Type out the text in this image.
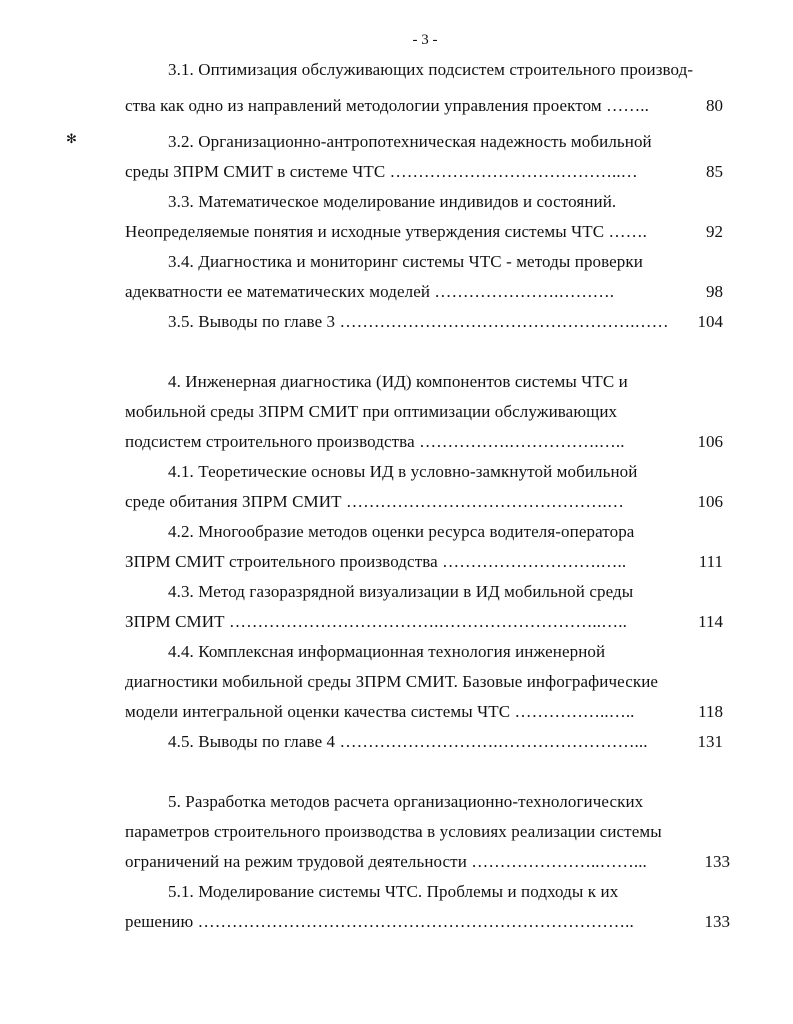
- 3 -
✻
3.1. Оптимизация обслуживающих подсистем строительного производ-
ства как одно из направлений методологии управления проектом ……..	80
3.2. Организационно-антропотехническая надежность мобильной
среды ЗПРМ СМИТ в системе ЧТС …………………………………..…	85
3.3. Математическое моделирование индивидов и состояний.
Неопределяемые понятия и исходные утверждения системы ЧТС …….	92
3.4. Диагностика и мониторинг системы ЧТС - методы проверки
адекватности ее математических моделей ………………….……….	98
3.5. Выводы по главе 3 …………………………………………….……	104
4. Инженерная диагностика (ИД) компонентов системы ЧТС и
мобильной среды ЗПРМ СМИТ при оптимизации обслуживающих
подсистем строительного производства …………….…………….…..	106
4.1. Теоретические основы ИД в условно-замкнутой мобильной
среде обитания ЗПРМ СМИТ ……………………………………….…	106
4.2. Многообразие методов оценки ресурса водителя-оператора
ЗПРМ СМИТ строительного производства ……………………….…..	111
4.3. Метод газоразрядной визуализации в ИД мобильной среды
ЗПРМ СМИТ ……………………………….………………………..…..	114
4.4. Комплексная информационная технология инженерной
диагностики мобильной среды ЗПРМ СМИТ. Базовые инфографические
модели интегральной оценки качества системы ЧТС ……………..…..	118
4.5. Выводы по главе 4 ……………………….……………………...	131
5. Разработка методов расчета организационно-технологических
параметров строительного производства в условиях реализации системы
ограничений на режим трудовой деятельности …………………..……...	133
5.1. Моделирование системы ЧТС. Проблемы и подходы к их
решению …………………………………………………………………..	133
